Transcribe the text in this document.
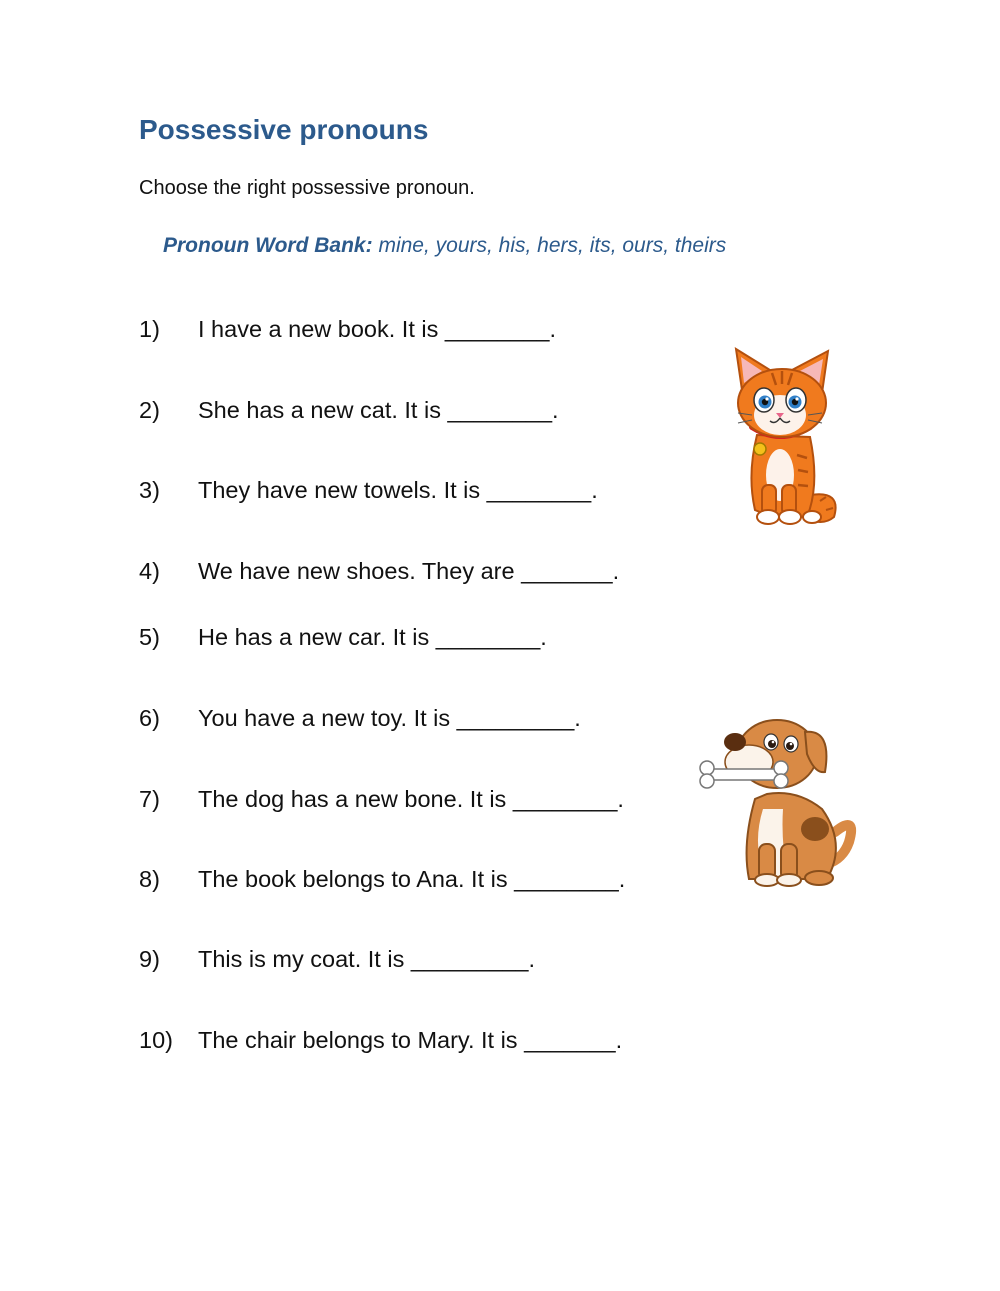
Possessive pronouns
Choose the right possessive pronoun.
Pronoun Word Bank: mine, yours, his, hers, its, ours, theirs
1) I have a new book. It is ________.
2) She has a new cat. It is ________.
3) They have new towels. It is ________.
4) We have new shoes. They are _______.
5) He has a new car. It is ________.
6) You have a new toy. It is _________.
7) The dog has a new bone. It is ________.
8) The book belongs to Ana. It is ________.
9) This is my coat. It is _________.
10) The chair belongs to Mary. It is _______.
